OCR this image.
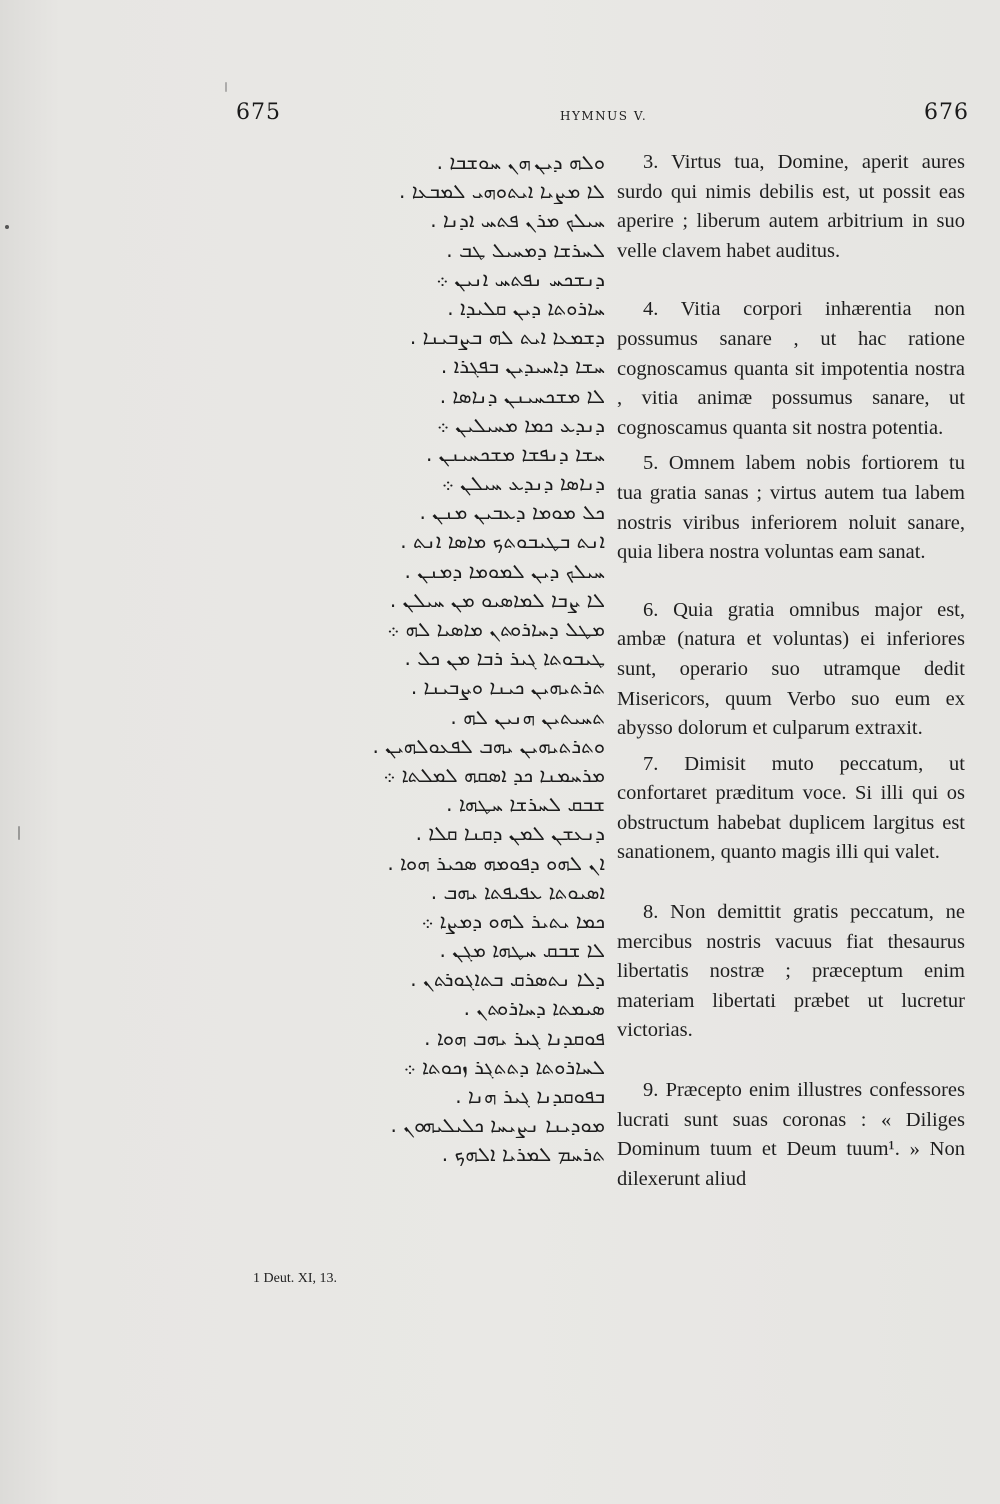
675	HYMNUS V.	676
ܘܠܗ ܕܝܢ ܗܢ ܚܘܫܒܐ .
ܠܐ ܡܨܝܐ ܐܝܬܘܗܝ ܠܡܒܥܐ .
ܚܝܠܟ ܡܪܢ ܦܬܚ ܐܕܢܐ .
ܠܚܪܫܐ ܕܡܚܝܠ ܛܒ .
ܕܢܫܟܚ ܢܦܬܚ ܐܢܝܢ ܀
ܚܐܪܘܬܐ ܕܝܢ ܩܠܝܕܐ .
ܕܫܡܥܐ ܐܝܬ ܠܗ ܒܨܒܝܢܐ .
ܚܫܐ ܕܐܚܝܕܝܢ ܒܦܓܪܐ .
ܠܐ ܡܫܟܚܝܢܢ ܕܢܐܣܐ .
ܕܢܕܥ ܟܡܐ ܡܚܝܠܝܢ ܀
ܚܫܐ ܕܢܦܫܐ ܡܫܟܚܝܢܢ .
ܕܢܐܣܐ ܕܢܕܥ ܚܝܠܢ ܀
ܟܠ ܡܘܡܐ ܕܥܒܝܢ ܡܢܢ .
ܐܢܬ ܒܛܝܒܘܬܟ ܡܐܣܐ ܐܢܬ .
ܚܝܠܟ ܕܝܢ ܠܡܘܡܐ ܕܡܢܢ .
ܠܐ ܨܒܐ ܠܡܐܣܝܘ ܡܢ ܚܝܠܢ .
ܡܛܠ ܕܚܐܪܘܬܢ ܡܐܣܝܐ ܠܗ ܀
ܛܝܒܘܬܐ ܓܝܪ ܪܒܐ ܡܢ ܟܠ .
ܬܪܬܝܗܝܢ ܟܝܢܐ ܘܨܒܝܢܐ .
ܬܚܝܬܝܢ ܗܢܝܢ ܠܗ .
ܘܬܪܬܝܗܝܢ ܝܗܒ ܠܦܥܘܠܗܝܢ .
ܡܪܚܡܢܐ ܟܕ ܐܣܩܗ ܠܡܠܬܐ ܀
ܫܒܩ ܠܚܪܫܐ ܚܛܗܐ .
ܕܢܥܫܢ ܠܡܢ ܕܩܢܐ ܩܠܐ .
ܐܢ ܠܗܘ ܕܦܘܡܗ ܣܟܝܪ ܗܘܐ .
ܐܣܝܘܬܐ ܥܦܝܦܬܐ ܝܗܒ .
ܟܡܐ ܝܬܝܪ ܠܗܘ ܕܡܨܐ ܀
ܠܐ ܫܒܩ ܚܛܗܐ ܡܓܢ .
ܕܠܐ ܢܬܣܪܩ ܒܬܐܓܘܪܬܢ .
ܣܝܡܬܐ ܕܚܐܪܘܬܢ .
ܦܘܩܕܢܐ ܓܝܪ ܝܗܒ ܗܘܐ .
ܠܚܐܪܘܬܐ ܕܬܬܓܪ ܙܟܘܬܐ ܀
ܒܦܘܩܕܢܐ ܓܝܪ ܗܢܐ .
ܡܘܕܝܢܐ ܢܨܝܚܐ ܟܠܝܠܝܗܘܢ .
ܬܪܚܡ ܠܡܪܝܐ ܐܠܗܟ .

3. Virtus tua, Domine, aperit aures surdo qui nimis debilis est, ut possit eas aperire ; liberum autem arbitrium in suo velle clavem habet auditus.

4. Vitia corpori inhærentia non possumus sanare , ut hac ratione cognoscamus quanta sit impotentia nostra , vitia animæ possumus sanare, ut cognoscamus quanta sit nostra potentia.

5. Omnem labem nobis fortiorem tu tua gratia sanas ; virtus autem tua labem nostris viribus inferiorem noluit sanare, quia libera nostra voluntas eam sanat.

6. Quia gratia omnibus major est, ambæ (natura et voluntas) ei inferiores sunt, operario suo utramque dedit Misericors, quum Verbo suo eum ex abysso dolorum et culparum extraxit.

7. Dimisit muto peccatum, ut confortaret præditum voce. Si illi qui os obstructum habebat duplicem largitus est sanationem, quanto magis illi qui valet.

8. Non demittit gratis peccatum, ne mercibus nostris vacuus fiat thesaurus libertatis nostræ ; præceptum enim materiam libertati præbet ut lucretur victorias.

9. Præcepto enim illustres confessores lucrati sunt suas coronas : « Diliges Dominum tuum et Deum tuum¹. » Non dilexerunt aliud

1 Deut. XI, 13.
